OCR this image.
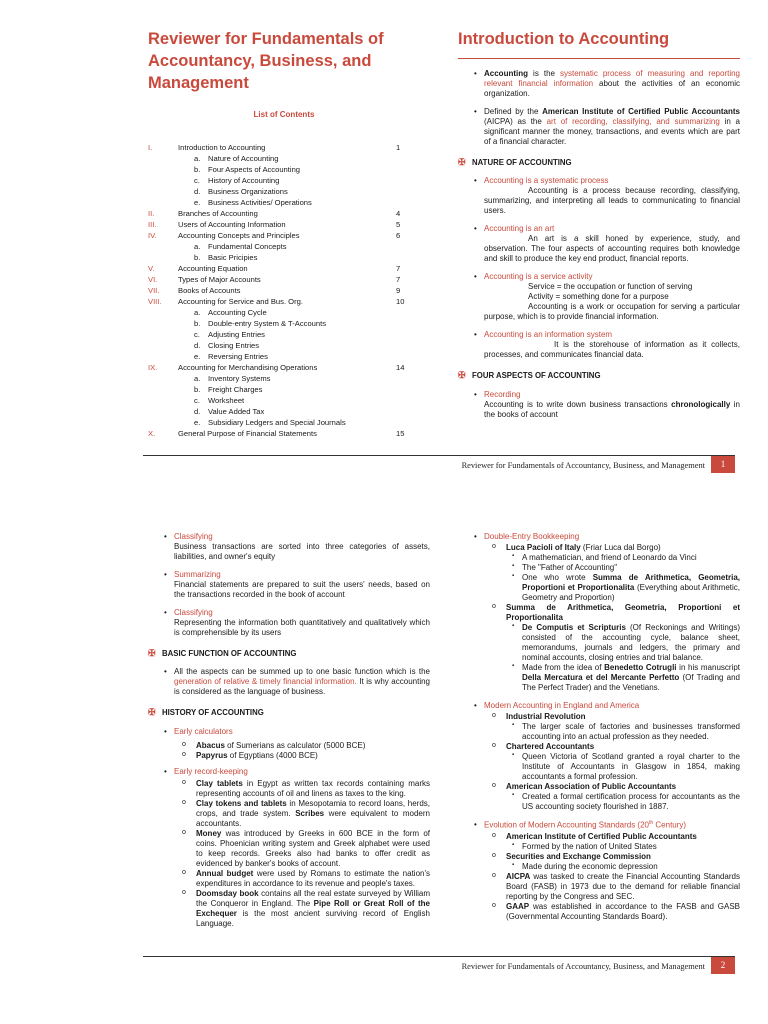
Reviewer for Fundamentals of Accountancy, Business, and Management
List of Contents
I.	Introduction to Accounting	1
a. Nature of Accounting
b. Four Aspects of Accounting
c. History of Accounting
d. Business Organizations
e. Business Activities/ Operations
II.	Branches of Accounting	4
III.	Users of Accounting Information	5
IV.	Accounting Concepts and Principles	6
a. Fundamental Concepts
b. Basic Pricipies
V.	Accounting Equation	7
VI.	Types of Major Accounts	7
VII.	Books of Accounts	9
VIII.	Accounting for Service and Bus. Org.	10
a. Accounting Cycle
b. Double-entry System & T-Accounts
c. Adjusting Entries
d. Closing Entries
e. Reversing Entries
IX.	Accounting for Merchandising Operations	14
a. Inventory Systems
b. Freight Charges
c. Worksheet
d. Value Added Tax
e. Subsidiary Ledgers and Special Journals
X.	General Purpose of Financial Statements	15
Introduction to Accounting
• Accounting is the systematic process of measuring and reporting relevant financial information about the activities of an economic organization.
• Defined by the American Institute of Certified Public Accountants (AICPA) as the art of recording, classifying, and summarizing in a significant manner the money, transactions, and events which are part of a financial character.
✠ NATURE OF ACCOUNTING
• Accounting is a systematic process
Accounting is a process because recording, classifying, summarizing, and interpreting all leads to communicating to financial users.
• Accounting is an art
An art is a skill honed by experience, study, and observation. The four aspects of accounting requires both knowledge and skill to produce the key end product, financial reports.
• Accounting is a service activity
Service = the occupation or function of serving
Activity = something done for a purpose
Accounting is a work or occupation for serving a particular purpose, which is to provide financial information.
• Accounting is an information system
It is the storehouse of information as it collects, processes, and communicates financial data.
✠ FOUR ASPECTS OF ACCOUNTING
• Recording
Accounting is to write down business transactions chronologically in the books of account
Reviewer for Fundamentals of Accountancy, Business, and Management	1
• Classifying
Business transactions are sorted into three categories of assets, liabilities, and owner's equity
• Summarizing
Financial statements are prepared to suit the users' needs, based on the transactions recorded in the book of account
• Classifying
Representing the information both quantitatively and qualitatively which is comprehensible by its users
✠ BASIC FUNCTION OF ACCOUNTING
• All the aspects can be summed up to one basic function which is the generation of relative & timely financial information. It is why accounting is considered as the language of business.
✠ HISTORY OF ACCOUNTING
• Early calculators
o Abacus of Sumerians as calculator (5000 BCE)
o Papyrus of Egyptians (4000 BCE)
• Early record-keeping
o Clay tablets in Egypt as written tax records containing marks representing accounts of oil and linens as taxes to the king.
o Clay tokens and tablets in Mesopotamia to record loans, herds, crops, and trade system. Scribes were equivalent to modern accountants.
o Money was introduced by Greeks in 600 BCE in the form of coins. Phoenician writing system and Greek alphabet were used to keep records. Greeks also had banks to offer credit as evidenced by banker's books of account.
o Annual budget were used by Romans to estimate the nation's expenditures in accordance to its revenue and people's taxes.
o Doomsday book contains all the real estate surveyed by William the Conqueror in England. The Pipe Roll or Great Roll of the Exchequer is the most ancient surviving record of English Language.
• Double-Entry Bookkeeping
o Luca Pacioli of Italy (Friar Luca dal Borgo)
▪ A mathematician, and friend of Leonardo da Vinci
▪ The "Father of Accounting"
▪ One who wrote Summa de Arithmetica, Geometria, Proportioni et Proportionalita (Everything about Arithmetic, Geometry and Proportion)
o Summa de Arithmetica, Geometria, Proportioni et Proportionalita
▪ De Computis et Scripturis (Of Reckonings and Writings) consisted of the accounting cycle, balance sheet, memorandums, journals and ledgers, the primary and nominal accounts, closing entries and trial balance.
▪ Made from the idea of Benedetto Cotrugli in his manuscript Della Mercatura et del Mercante Perfetto (Of Trading and The Perfect Trader) and the Venetians.
• Modern Accounting in England and America
o Industrial Revolution
▪ The larger scale of factories and businesses transformed accounting into an actual profession as they needed.
o Chartered Accountants
▪ Queen Victoria of Scotland granted a royal charter to the Institute of Accountants in Glasgow in 1854, making accountants a formal profession.
o American Association of Public Accountants
▪ Created a formal certification process for accountants as the US accounting society flourished in 1887.
• Evolution of Modern Accounting Standards (20th Century)
o American Institute of Certified Public Accountants
▪ Formed by the nation of United States
o Securities and Exchange Commission
▪ Made during the economic depression
o AICPA was tasked to create the Financial Accounting Standards Board (FASB) in 1973 due to the demand for reliable financial reporting by the Congress and SEC.
o GAAP was established in accordance to the FASB and GASB (Governmental Accounting Standards Board).
Reviewer for Fundamentals of Accountancy, Business, and Management	2
